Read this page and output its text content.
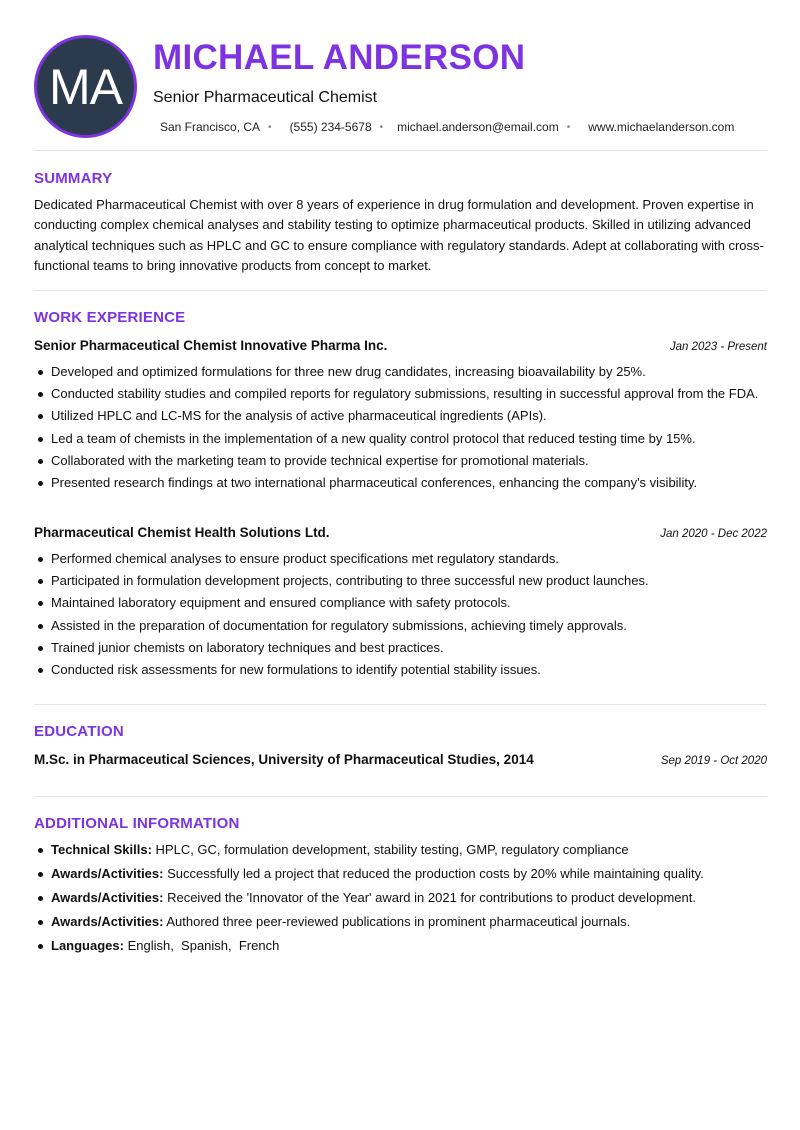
MA
MICHAEL ANDERSON
Senior Pharmaceutical Chemist
San Francisco, CA • (555) 234-5678 • michael.anderson@email.com • www.michaelanderson.com
SUMMARY

Dedicated Pharmaceutical Chemist with over 8 years of experience in drug formulation and development. Proven expertise in conducting complex chemical analyses and stability testing to optimize pharmaceutical products. Skilled in utilizing advanced analytical techniques such as HPLC and GC to ensure compliance with regulatory standards. Adept at collaborating with cross-functional teams to bring innovative products from concept to market.

WORK EXPERIENCE
Senior Pharmaceutical Chemist Innovative Pharma Inc.	Jan 2023 - Present
Developed and optimized formulations for three new drug candidates, increasing bioavailability by 25%.
Conducted stability studies and compiled reports for regulatory submissions, resulting in successful approval from the FDA.
Utilized HPLC and LC-MS for the analysis of active pharmaceutical ingredients (APIs).
Led a team of chemists in the implementation of a new quality control protocol that reduced testing time by 15%.
Collaborated with the marketing team to provide technical expertise for promotional materials.
Presented research findings at two international pharmaceutical conferences, enhancing the company's visibility.
Pharmaceutical Chemist Health Solutions Ltd.	Jan 2020 - Dec 2022
Performed chemical analyses to ensure product specifications met regulatory standards.
Participated in formulation development projects, contributing to three successful new product launches.
Maintained laboratory equipment and ensured compliance with safety protocols.
Assisted in the preparation of documentation for regulatory submissions, achieving timely approvals.
Trained junior chemists on laboratory techniques and best practices.
Conducted risk assessments for new formulations to identify potential stability issues.
EDUCATION
M.Sc. in Pharmaceutical Sciences, University of Pharmaceutical Studies, 2014	Sep 2019 - Oct 2020
ADDITIONAL INFORMATION
Technical Skills: HPLC, GC, formulation development, stability testing, GMP, regulatory compliance
Awards/Activities: Successfully led a project that reduced the production costs by 20% while maintaining quality.
Awards/Activities: Received the 'Innovator of the Year' award in 2021 for contributions to product development.
Awards/Activities: Authored three peer-reviewed publications in prominent pharmaceutical journals.
Languages: English,  Spanish,  French
